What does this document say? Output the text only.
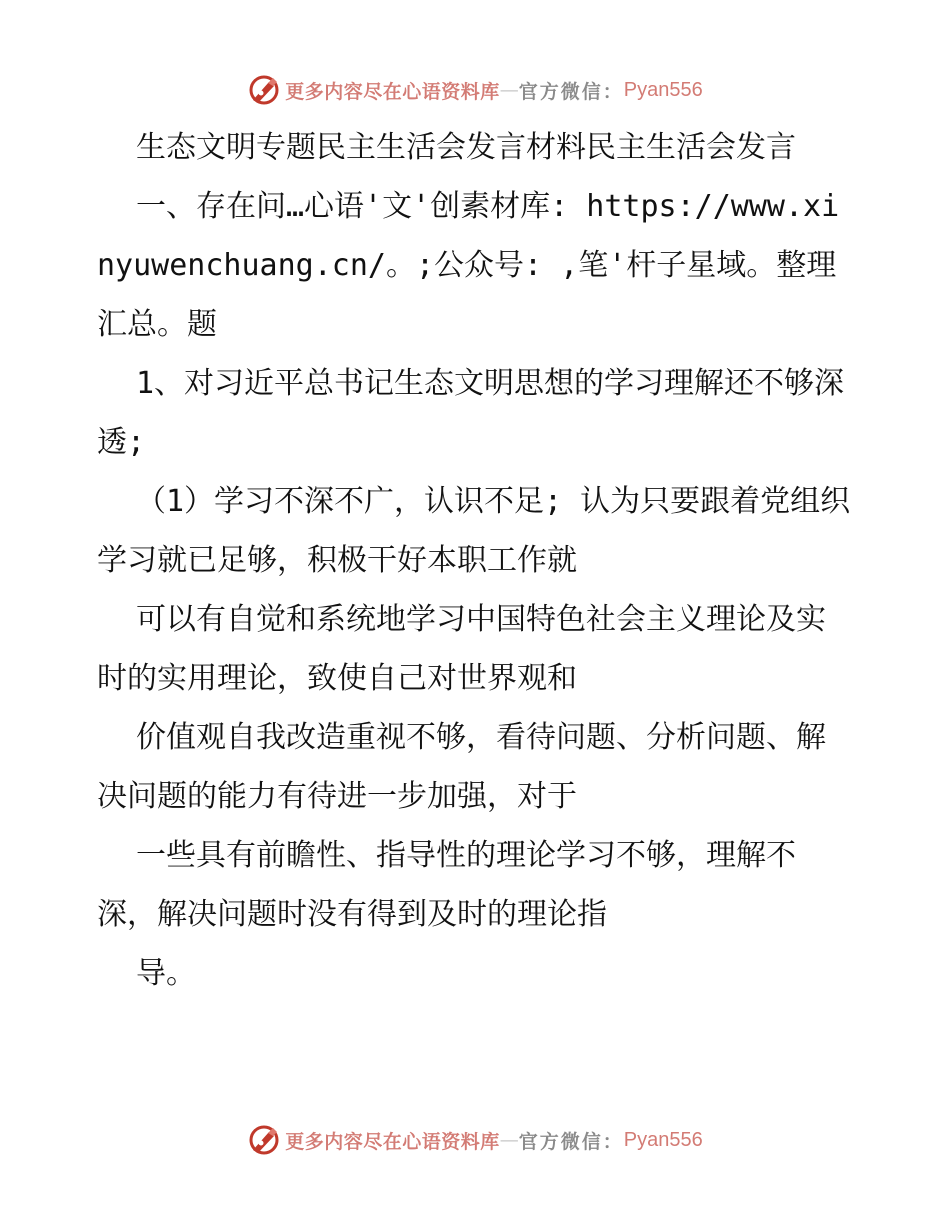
更多内容尽在心语资料库 — 官方微信： Pyan556

生态文明专题民主生活会发言材料民主生活会发言

一、存在问…心语'文'创素材库: https://www.xinyuwenchuang.cn/。;公众号: ,笔'杆子星域。整理汇总。题

1、对习近平总书记生态文明思想的学习理解还不够深透;

（1）学习不深不广，认识不足; 认为只要跟着党组织学习就已足够，积极干好本职工作就

可以有自觉和系统地学习中国特色社会主义理论及实时的实用理论，致使自己对世界观和

价值观自我改造重视不够，看待问题、分析问题、解决问题的能力有待进一步加强，对于

一些具有前瞻性、指导性的理论学习不够，理解不深，解决问题时没有得到及时的理论指

导。

更多内容尽在心语资料库 — 官方微信： Pyan556
